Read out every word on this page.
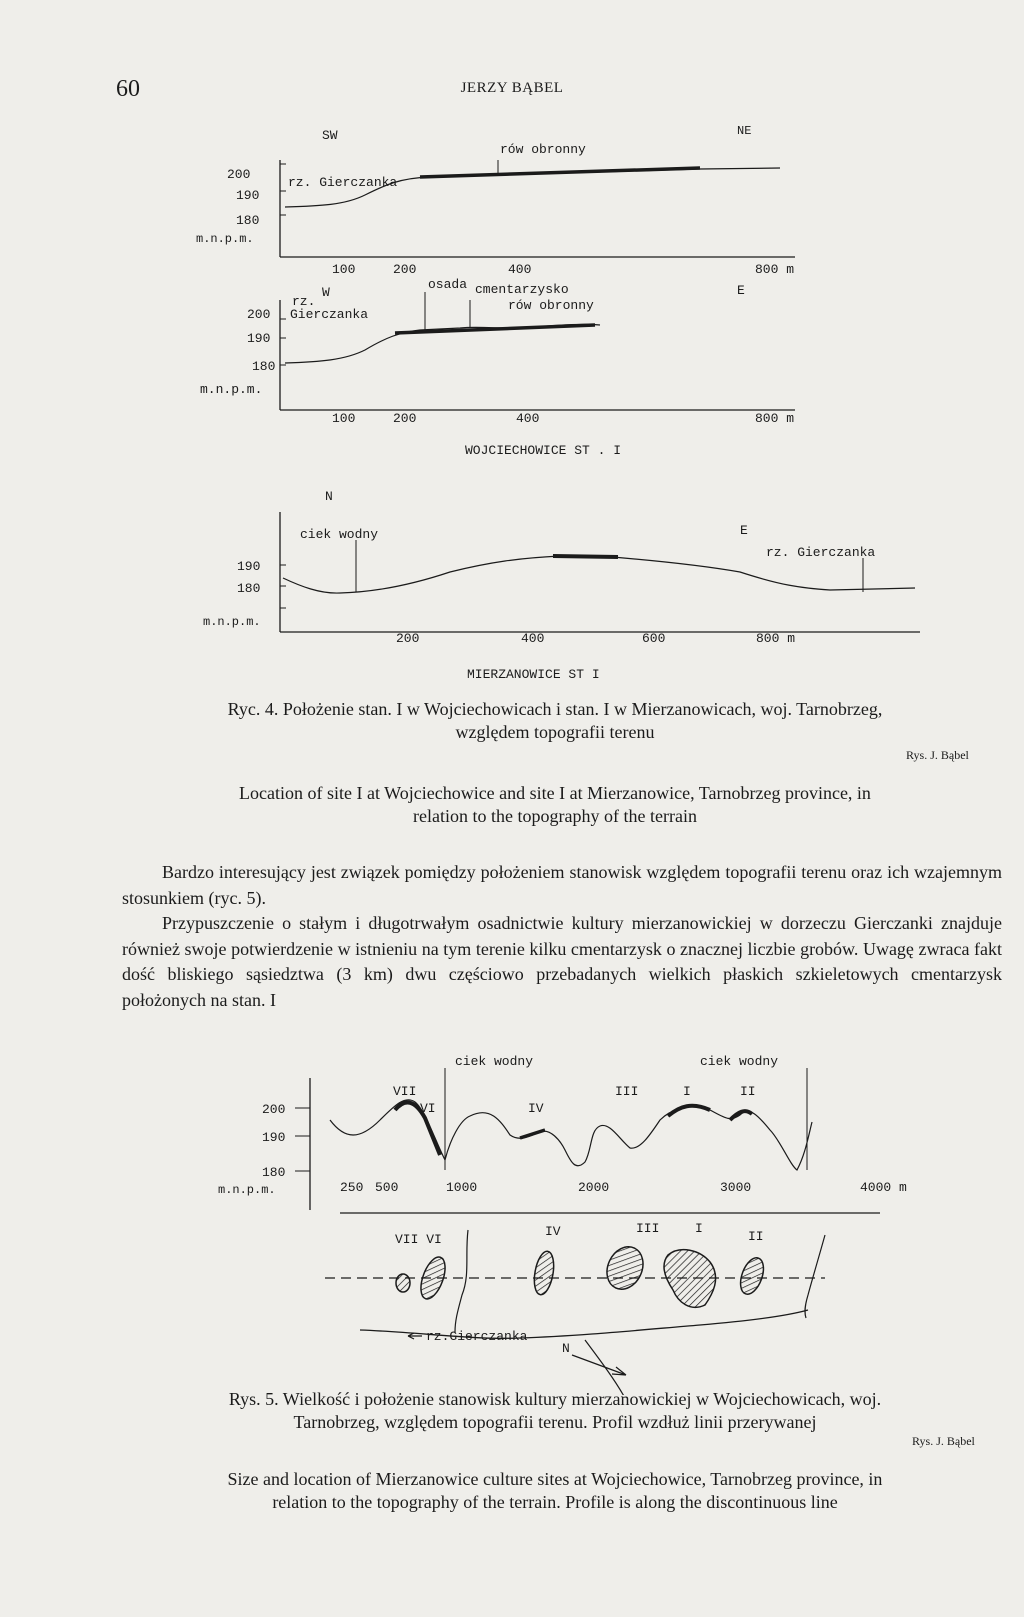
60	JERZY BĄBEL
SW	NE
rów obronny
rz. Gierczanka
200
190
180
m.n.p.m.
100	200	400	800 m
W	E
rz.
Gierczanka
osada cmentarzysko
rów obronny
200
190
180
m.n.p.m.
100	200	400	800 m
WOJCIECHOWICE ST . I
N
E
ciek wodny
rz. Gierczanka
190
180
m.n.p.m.
200	400	600	800 m
MIERZANOWICE ST I
Ryc. 4. Położenie stan. I w Wojciechowicach i stan. I w Mierzanowicach, woj. Tarnobrzeg,
względem topografii terenu
Rys. J. Bąbel
Location of site I at Wojciechowice and site I at Mierzanowice, Tarnobrzeg province, in
relation to the topography of the terrain

Bardzo interesujący jest związek pomiędzy położeniem stanowisk względem topografii terenu oraz ich wzajemnym stosunkiem (ryc. 5).

Przypuszczenie o stałym i długotrwałym osadnictwie kultury mierzanowickiej w dorzeczu Gierczanki znajduje również swoje potwierdzenie w istnieniu na tym terenie kilku cmentarzysk o znacznej liczbie grobów. Uwagę zwraca fakt dość bliskiego sąsiedztwa (3 km) dwu częściowo przebadanych wielkich płaskich szkieletowych cmentarzysk położonych na stan. I

ciek wodny	ciek wodny
VII
VI	IV
III	I	II
200
190
180
m.n.p.m.	250 500	1000	2000	3000	4000 m
VII VI
IV	III	I
II
rz.Gierczanka
N
Rys. 5. Wielkość i położenie stanowisk kultury mierzanowickiej w Wojciechowicach, woj.
Tarnobrzeg, względem topografii terenu. Profil wzdłuż linii przerywanej
Rys. J. Bąbel
Size and location of Mierzanowice culture sites at Wojciechowice, Tarnobrzeg province, in
relation to the topography of the terrain. Profile is along the discontinuous line
